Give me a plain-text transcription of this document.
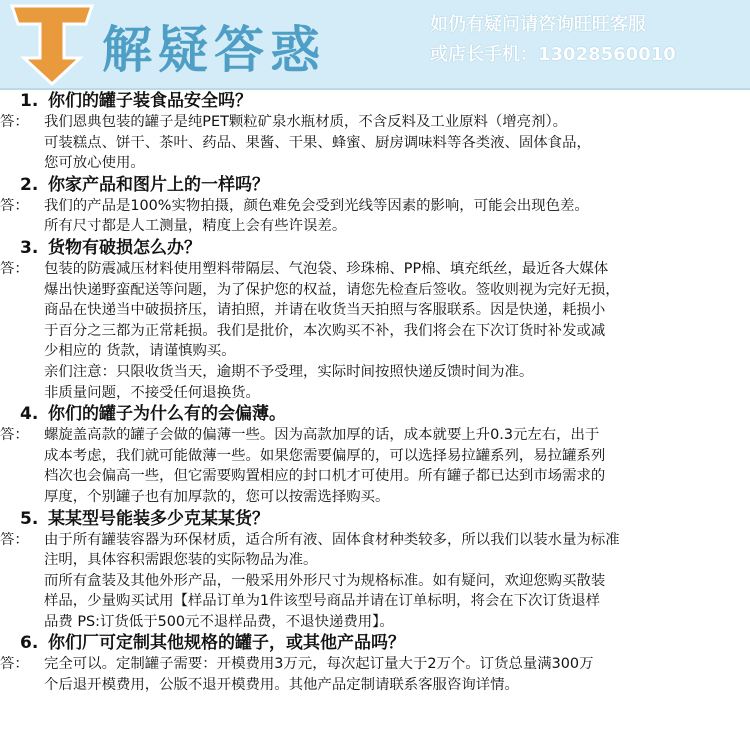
解疑答惑	如仍有疑问请咨询旺旺客服
或店长手机：13028560010
1. 你们的罐子装食品安全吗？
答： 我们恩典包装的罐子是纯PET颗粒矿泉水瓶材质，不含反料及工业原料（增亮剂）。
可装糕点、饼干、茶叶、药品、果酱、干果、蜂蜜、厨房调味料等各类液、固体食品，
您可放心使用。
2. 你家产品和图片上的一样吗？
答： 我们的产品是100%实物拍摄，颜色难免会受到光线等因素的影响，可能会出现色差。
所有尺寸都是人工测量，精度上会有些许误差。
3. 货物有破损怎么办？
答： 包装的防震减压材料使用塑料带隔层、气泡袋、珍珠棉、PP棉、填充纸丝，最近各大媒体
爆出快递野蛮配送等问题，为了保护您的权益，请您先检查后签收。签收则视为完好无损，
商品在快递当中破损挤压，请拍照，并请在收货当天拍照与客服联系。因是快递，耗损小
于百分之三都为正常耗损。我们是批价，本次购买不补，我们将会在下次订货时补发或减
少相应的 货款，请谨慎购买。
亲们注意：只限收货当天，逾期不予受理，实际时间按照快递反馈时间为准。
非质量问题，不接受任何退换货。
4. 你们的罐子为什么有的会偏薄。
答： 螺旋盖高款的罐子会做的偏薄一些。因为高款加厚的话，成本就要上升0.3元左右，出于
成本考虑，我们就可能做薄一些。如果您需要偏厚的，可以选择易拉罐系列，易拉罐系列
档次也会偏高一些，但它需要购置相应的封口机才可使用。所有罐子都已达到市场需求的
厚度，个别罐子也有加厚款的，您可以按需选择购买。
5. 某某型号能装多少克某某货？
答： 由于所有罐装容器为环保材质，适合所有液、固体食材种类较多，所以我们以装水量为标准
注明，具体容积需跟您装的实际物品为准。
而所有盒装及其他外形产品，一般采用外形尺寸为规格标准。如有疑问，欢迎您购买散装
样品，少量购买试用【样品订单为1件该型号商品并请在订单标明，将会在下次订货退样
品费 PS:订货低于500元不退样品费，不退快递费用】。
6. 你们厂可定制其他规格的罐子，或其他产品吗？
答： 完全可以。定制罐子需要：开模费用3万元，每次起订量大于2万个。订货总量满300万
个后退开模费用，公版不退开模费用。其他产品定制请联系客服咨询详情。
